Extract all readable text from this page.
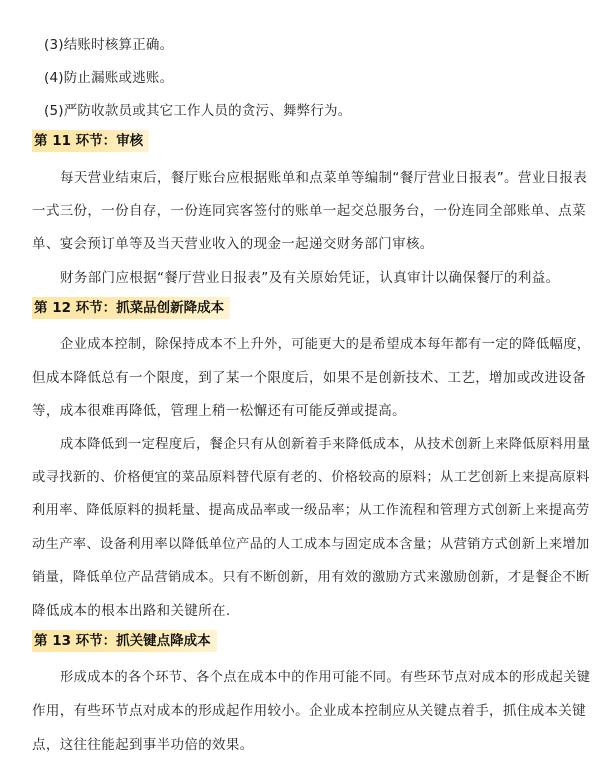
(3)结账时核算正确。
(4)防止漏账或逃账。
(5)严防收款员或其它工作人员的贪污、舞弊行为。
第 11 环节：审核
每天营业结束后，餐厅账台应根据账单和点菜单等编制“餐厅营业日报表”。营业日报表
一式三份，一份自存，一份连同宾客签付的账单一起交总服务台，一份连同全部账单、点菜
单、宴会预订单等及当天营业收入的现金一起递交财务部门审核。
财务部门应根据“餐厅营业日报表”及有关原始凭证，认真审计以确保餐厅的利益。
第 12 环节：抓菜品创新降成本
企业成本控制，除保持成本不上升外，可能更大的是希望成本每年都有一定的降低幅度，
但成本降低总有一个限度，到了某一个限度后，如果不是创新技术、工艺，增加或改进设备
等，成本很难再降低，管理上稍一松懈还有可能反弹或提高。
成本降低到一定程度后，餐企只有从创新着手来降低成本，从技术创新上来降低原料用量
或寻找新的、价格便宜的菜品原料替代原有老的、价格较高的原料；从工艺创新上来提高原料
利用率、降低原料的损耗量、提高成品率或一级品率；从工作流程和管理方式创新上来提高劳
动生产率、设备利用率以降低单位产品的人工成本与固定成本含量；从营销方式创新上来增加
销量，降低单位产品营销成本。只有不断创新，用有效的激励方式来激励创新，才是餐企不断
降低成本的根本出路和关键所在.
第 13 环节：抓关键点降成本
形成成本的各个环节、各个点在成本中的作用可能不同。有些环节点对成本的形成起关键
作用，有些环节点对成本的形成起作用较小。企业成本控制应从关键点着手，抓住成本关键
点，这往往能起到事半功倍的效果。
